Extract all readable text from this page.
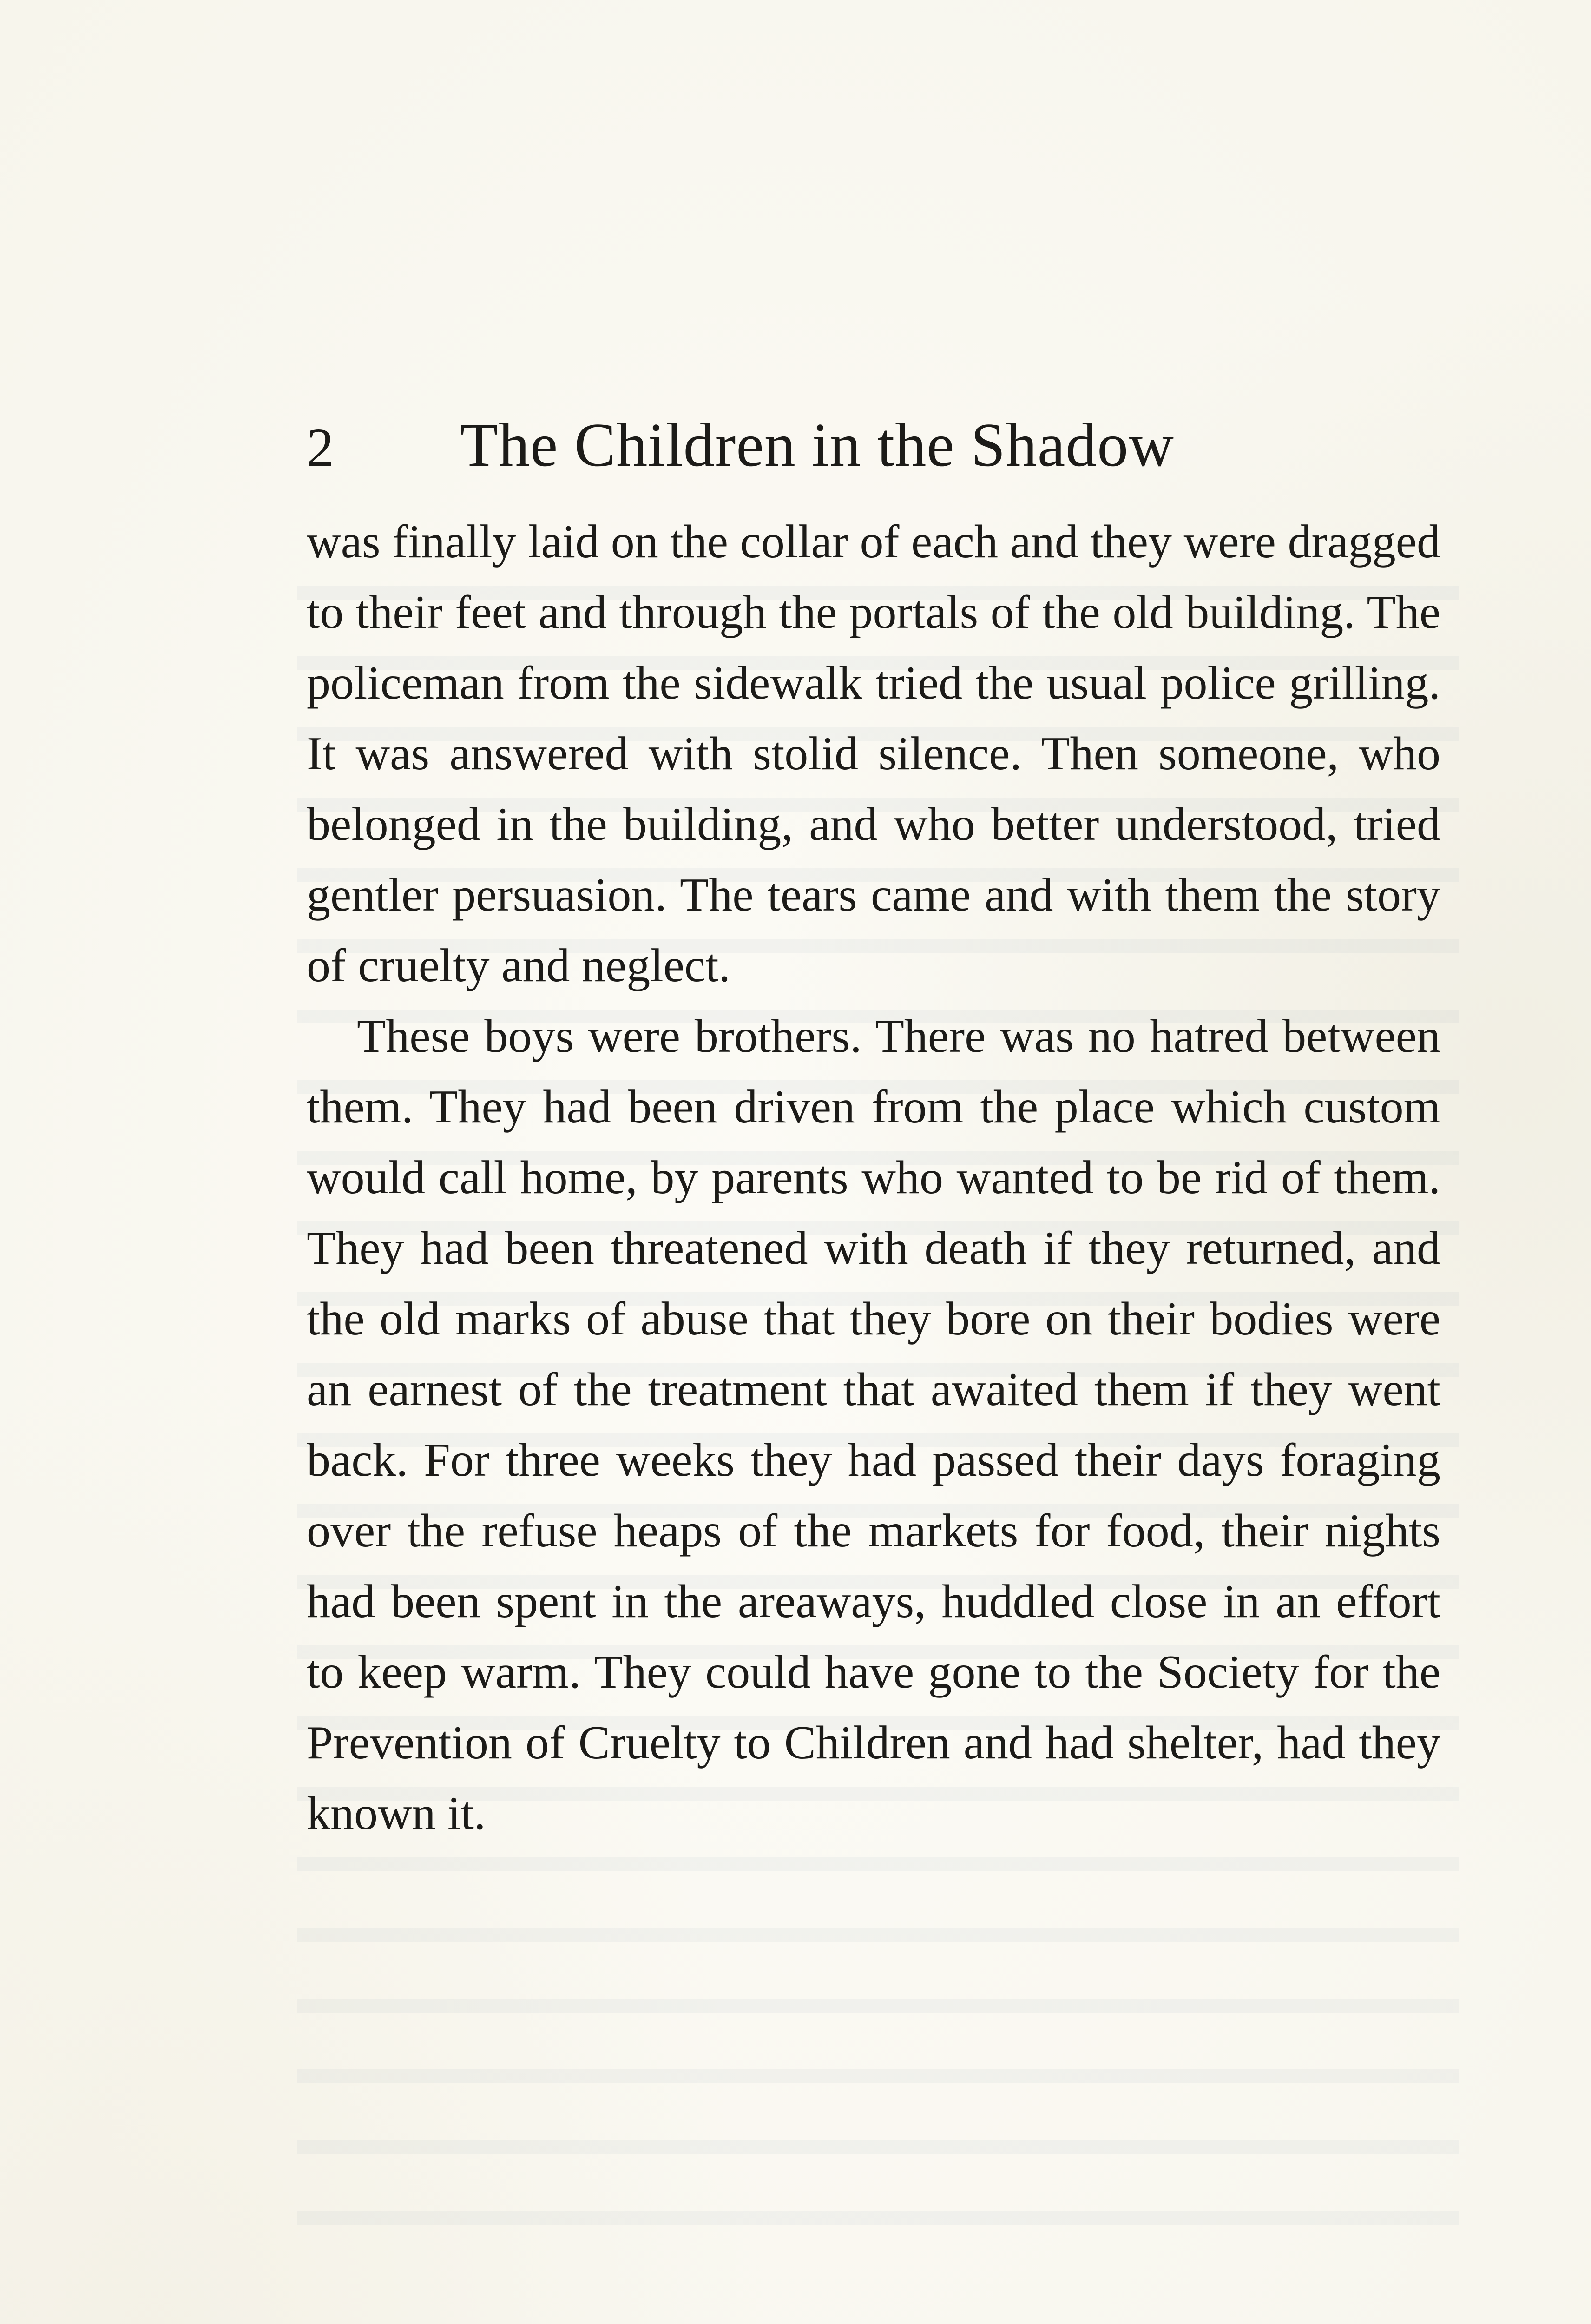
2	The Children in the Shadow

was finally laid on the collar of each and they were dragged to their feet and through the portals of the old building. The policeman from the sidewalk tried the usual police grilling. It was answered with stolid silence. Then someone, who belonged in the building, and who better understood, tried gentler persuasion. The tears came and with them the story of cruelty and neglect.

These boys were brothers. There was no hatred between them. They had been driven from the place which custom would call home, by parents who wanted to be rid of them. They had been threatened with death if they returned, and the old marks of abuse that they bore on their bodies were an earnest of the treatment that awaited them if they went back. For three weeks they had passed their days foraging over the refuse heaps of the markets for food, their nights had been spent in the areaways, huddled close in an effort to keep warm. They could have gone to the Society for the Prevention of Cruelty to Children and had shelter, had they known it.
